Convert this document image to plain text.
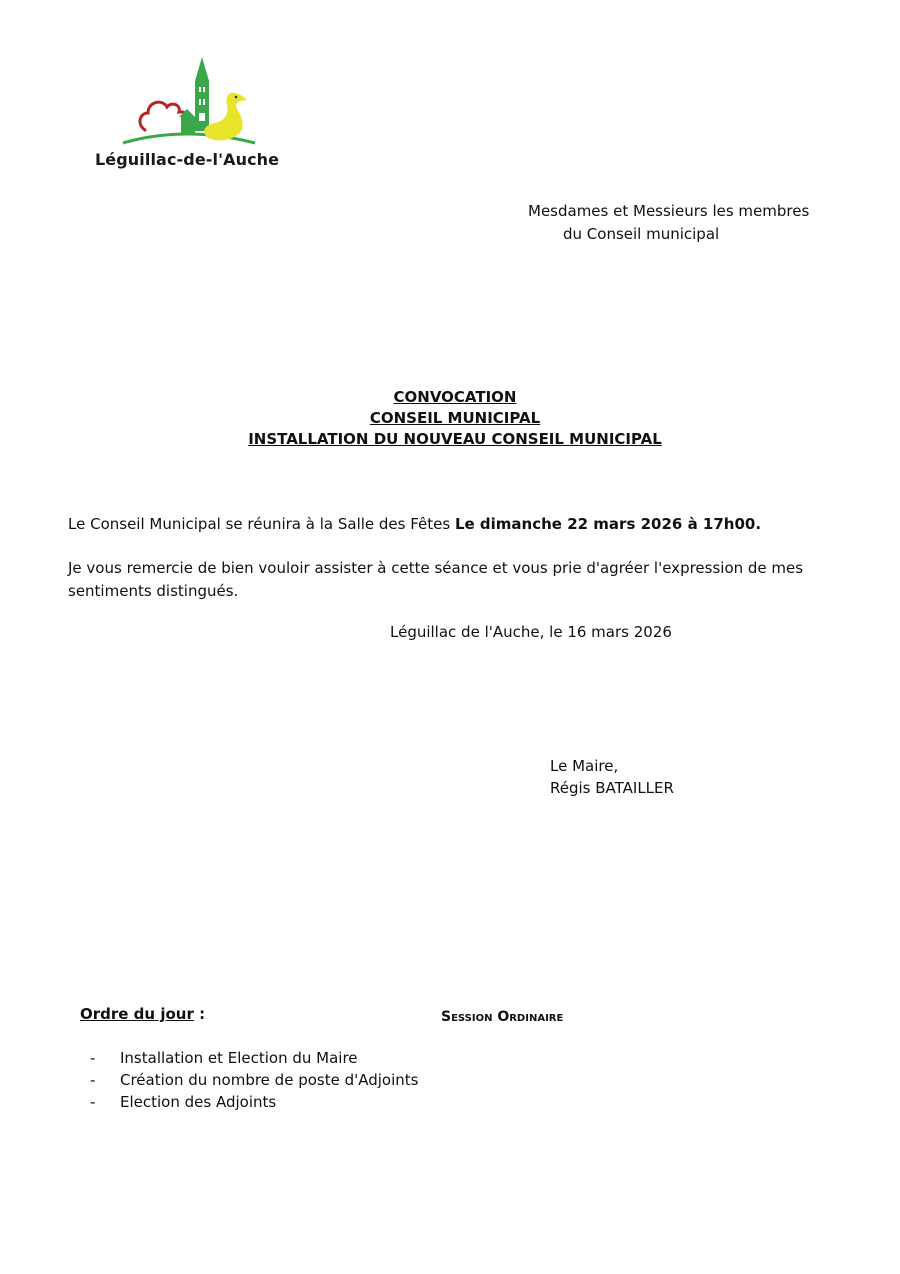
Léguillac-de-l'Auche
Mesdames et Messieurs les membres
du Conseil municipal
CONVOCATION
CONSEIL MUNICIPAL
INSTALLATION DU NOUVEAU CONSEIL MUNICIPAL
Le Conseil Municipal se réunira à la Salle des Fêtes Le dimanche 22 mars 2026 à 17h00.
Je vous remercie de bien vouloir assister à cette séance et vous prie d'agréer l'expression de mes sentiments distingués.
Léguillac de l'Auche, le 16 mars 2026
Le Maire,
Régis BATAILLER
Ordre du jour :	Session Ordinaire
-	Installation et Election du Maire
-	Création du nombre de poste d'Adjoints
-	Election des Adjoints
